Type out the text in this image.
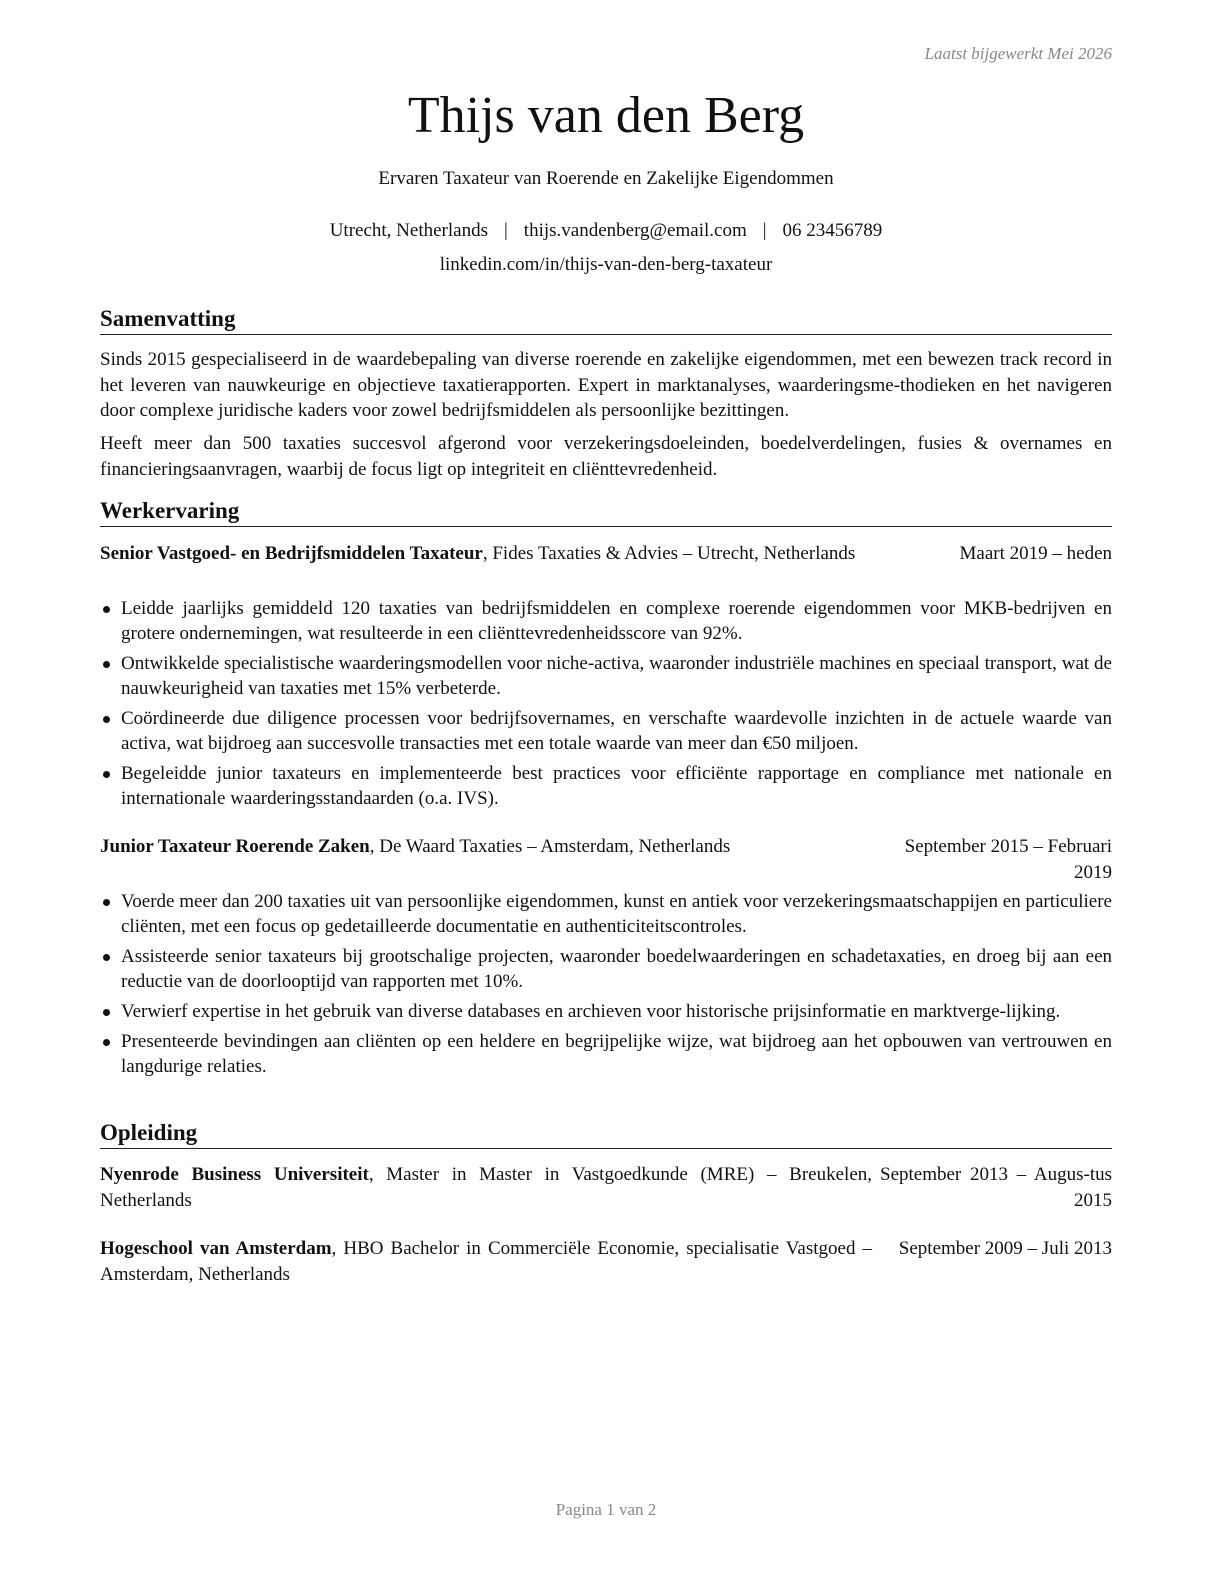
Laatst bijgewerkt Mei 2026
Thijs van den Berg
Ervaren Taxateur van Roerende en Zakelijke Eigendommen
Utrecht, Netherlands | thijs.vandenberg@email.com | 06 23456789
linkedin.com/in/thijs-van-den-berg-taxateur
Samenvatting
Sinds 2015 gespecialiseerd in de waardebepaling van diverse roerende en zakelijke eigendommen, met een bewezen track record in het leveren van nauwkeurige en objectieve taxatierapporten. Expert in marktanalyses, waarderingsme-thodieken en het navigeren door complexe juridische kaders voor zowel bedrijfsmiddelen als persoonlijke bezittingen.
Heeft meer dan 500 taxaties succesvol afgerond voor verzekeringsdoeleinden, boedelverdelingen, fusies & overnames en financieringsaanvragen, waarbij de focus ligt op integriteit en cliënttevredenheid.
Werkervaring
Senior Vastgoed- en Bedrijfsmiddelen Taxateur, Fides Taxaties & Advies – Utrecht, Netherlands	Maart 2019 – heden
Leidde jaarlijks gemiddeld 120 taxaties van bedrijfsmiddelen en complexe roerende eigendommen voor MKB-bedrijven en grotere ondernemingen, wat resulteerde in een cliënttevredenheidsscore van 92%.
Ontwikkelde specialistische waarderingsmodellen voor niche-activa, waaronder industriële machines en speciaal transport, wat de nauwkeurigheid van taxaties met 15% verbeterde.
Coördineerde due diligence processen voor bedrijfsovernames, en verschafte waardevolle inzichten in de actuele waarde van activa, wat bijdroeg aan succesvolle transacties met een totale waarde van meer dan €50 miljoen.
Begeleidde junior taxateurs en implementeerde best practices voor efficiënte rapportage en compliance met nationale en internationale waarderingsstandaarden (o.a. IVS).
Junior Taxateur Roerende Zaken, De Waard Taxaties – Amsterdam, Netherlands	September 2015 – Februari 2019
Voerde meer dan 200 taxaties uit van persoonlijke eigendommen, kunst en antiek voor verzekeringsmaatschappijen en particuliere cliënten, met een focus op gedetailleerde documentatie en authenticiteitscontroles.
Assisteerde senior taxateurs bij grootschalige projecten, waaronder boedelwaarderingen en schadetaxaties, en droeg bij aan een reductie van de doorlooptijd van rapporten met 10%.
Verwierf expertise in het gebruik van diverse databases en archieven voor historische prijsinformatie en marktverge-lijking.
Presenteerde bevindingen aan cliënten op een heldere en begrijpelijke wijze, wat bijdroeg aan het opbouwen van vertrouwen en langdurige relaties.
Opleiding
Nyenrode Business Universiteit, Master in Master in Vastgoedkunde (MRE) – Breukelen, Netherlands
September 2013 – Augus-tus 2015
Hogeschool van Amsterdam, HBO Bachelor in Commerciële Economie, specialisatie Vastgoed – Amsterdam, Netherlands
September 2009 – Juli 2013
Pagina 1 van 2
